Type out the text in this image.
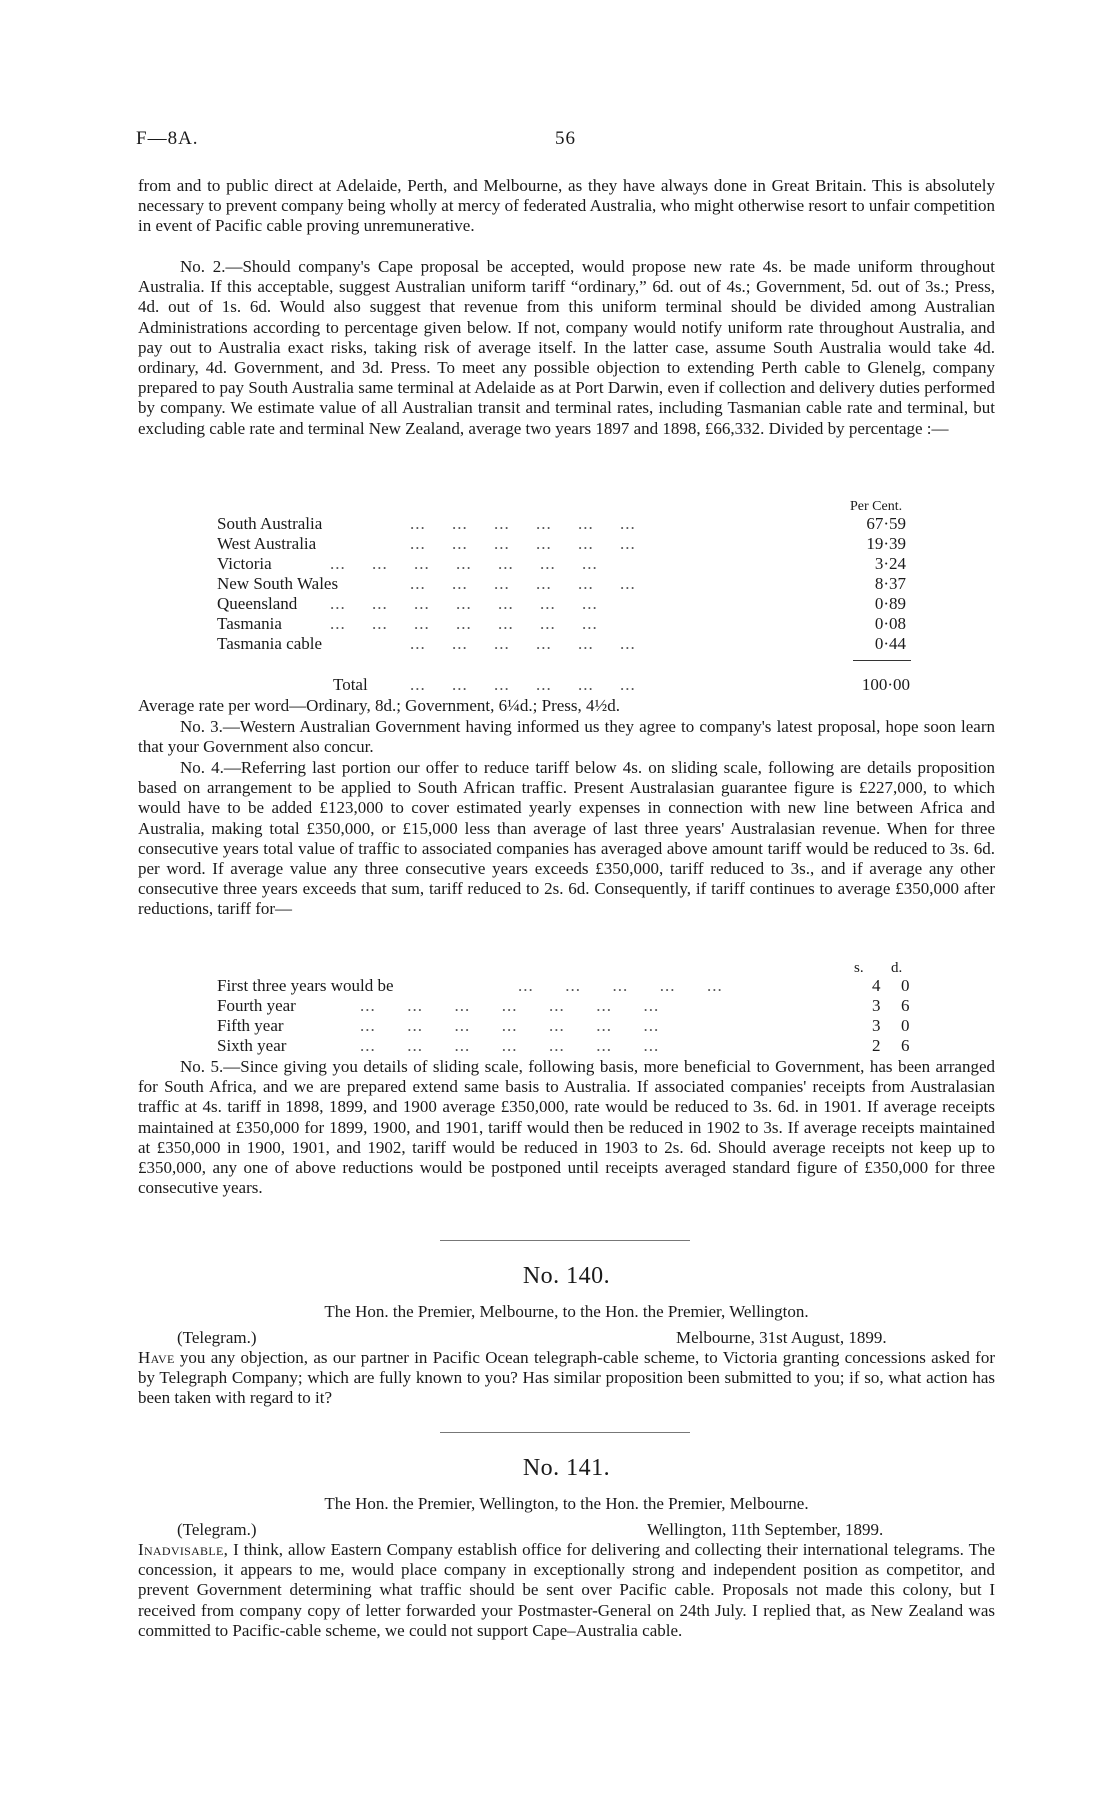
F—8A.	56

from and to public direct at Adelaide, Perth, and Melbourne, as they have always done in Great Britain. This is absolutely necessary to prevent company being wholly at mercy of federated Australia, who might otherwise resort to unfair competition in event of Pacific cable proving unremunerative.

No. 2.—Should company's Cape proposal be accepted, would propose new rate 4s. be made uniform throughout Australia. If this acceptable, suggest Australian uniform tariff “ordinary,” 6d. out of 4s.; Government, 5d. out of 3s.; Press, 4d. out of 1s. 6d. Would also suggest that revenue from this uniform terminal should be divided among Australian Administrations according to percentage given below. If not, company would notify uniform rate throughout Australia, and pay out to Australia exact risks, taking risk of average itself. In the latter case, assume South Australia would take 4d. ordinary, 4d. Government, and 3d. Press. To meet any possible objection to extending Perth cable to Glenelg, company prepared to pay South Australia same terminal at Adelaide as at Port Darwin, even if collection and delivery duties performed by company. We estimate value of all Australian transit and terminal rates, including Tasmanian cable rate and terminal, but excluding cable rate and terminal New Zealand, average two years 1897 and 1898, £66,332. Divided by percentage :—

Per Cent.
South Australia	...     ...     ...     ...     ...     ...	67·59
West Australia	...     ...     ...     ...     ...     ...	19·39
Victoria	...     ...     ...     ...     ...     ...     ...	3·24
New South Wales	...     ...     ...     ...     ...     ...	8·37
Queensland ...     ...     ...     ...     ...     ...     ...	0·89
Tasmania	...     ...     ...     ...     ...     ...     ...	0·08
Tasmania cable	...     ...     ...     ...     ...     ...	0·44
Total ...     ...     ...     ...     ...     ...	100·00

Average rate per word—Ordinary, 8d.; Government, 6¼d.; Press, 4½d.

No. 3.—Western Australian Government having informed us they agree to company's latest proposal, hope soon learn that your Government also concur.

No. 4.—Referring last portion our offer to reduce tariff below 4s. on sliding scale, following are details proposition based on arrangement to be applied to South African traffic. Present Australasian guarantee figure is £227,000, to which would have to be added £123,000 to cover estimated yearly expenses in connection with new line between Africa and Australia, making total £350,000, or £15,000 less than average of last three years' Australasian revenue. When for three consecutive years total value of traffic to associated companies has averaged above amount tariff would be reduced to 3s. 6d. per word. If average value any three consecutive years exceeds £350,000, tariff reduced to 3s., and if average any other consecutive three years exceeds that sum, tariff reduced to 2s. 6d. Consequently, if tariff continues to average £350,000 after reductions, tariff for—

s. d.
First three years would be	...      ...      ...      ...      ...	4 0
Fourth year	...      ...      ...      ...      ...      ...      ...	3 6
Fifth year	...      ...      ...      ...      ...      ...      ...	3 0
Sixth year	...      ...      ...      ...      ...      ...      ...	2 6

No. 5.—Since giving you details of sliding scale, following basis, more beneficial to Government, has been arranged for South Africa, and we are prepared extend same basis to Australia. If associated companies' receipts from Australasian traffic at 4s. tariff in 1898, 1899, and 1900 average £350,000, rate would be reduced to 3s. 6d. in 1901. If average receipts maintained at £350,000 for 1899, 1900, and 1901, tariff would then be reduced in 1902 to 3s. If average receipts maintained at £350,000 in 1900, 1901, and 1902, tariff would be reduced in 1903 to 2s. 6d. Should average receipts not keep up to £350,000, any one of above reductions would be postponed until receipts averaged standard figure of £350,000 for three consecutive years.

No. 140.
The Hon. the Premier, Melbourne, to the Hon. the Premier, Wellington.
(Telegram.)	Melbourne, 31st August, 1899.

Have you any objection, as our partner in Pacific Ocean telegraph-cable scheme, to Victoria granting concessions asked for by Telegraph Company; which are fully known to you? Has similar proposition been submitted to you; if so, what action has been taken with regard to it?

No. 141.
The Hon. the Premier, Wellington, to the Hon. the Premier, Melbourne.
(Telegram.)	Wellington, 11th September, 1899.

Inadvisable, I think, allow Eastern Company establish office for delivering and collecting their international telegrams. The concession, it appears to me, would place company in exceptionally strong and independent position as competitor, and prevent Government determining what traffic should be sent over Pacific cable. Proposals not made this colony, but I received from company copy of letter forwarded your Postmaster-General on 24th July. I replied that, as New Zealand was committed to Pacific-cable scheme, we could not support Cape–Australia cable.
